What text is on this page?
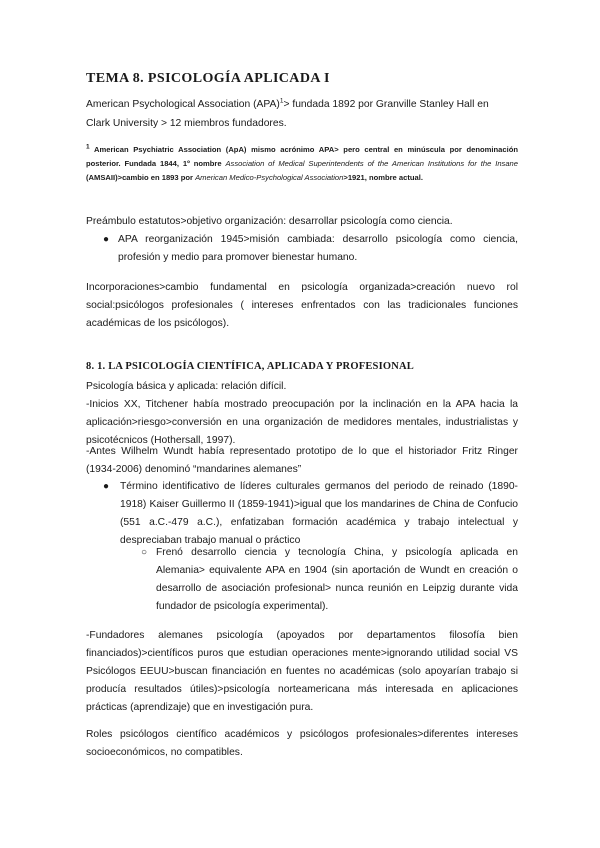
TEMA 8. PSICOLOGÍA APLICADA I
American Psychological Association (APA)$^1$> fundada 1892 por Granville Stanley Hall en
Clark University > 12 miembros fundadores.
$^1$ American Psychiatric Association (ApA) mismo acrónimo APA> pero central en minúscula por denominación posterior. Fundada 1844, 1º nombre Association of Medical Superintendents of the American Institutions for the Insane (AMSAII)>cambio en 1893 por American Medico-Psychological Association>1921, nombre actual.
Preámbulo estatutos>objetivo organización: desarrollar psicología como ciencia.
● APA reorganización 1945>misión cambiada: desarrollo psicología como ciencia, profesión y medio para promover bienestar humano.
Incorporaciones>cambio fundamental en psicología organizada>creación nuevo rol social:psicólogos profesionales ( intereses enfrentados con las tradicionales funciones académicas de los psicólogos).
8. 1. LA PSICOLOGÍA CIENTÍFICA, APLICADA Y PROFESIONAL
Psicología básica y aplicada: relación difícil.
-Inicios XX, Titchener había mostrado preocupación por la inclinación en la APA hacia la aplicación>riesgo>conversión en una organización de medidores mentales, industrialistas y psicotécnicos (Hothersall, 1997).
-Antes Wilhelm Wundt había representado prototipo de lo que el historiador Fritz Ringer (1934-2006) denominó “mandarines alemanes”
● Término identificativo de líderes culturales germanos del periodo de reinado (1890-1918) Kaiser Guillermo II (1859-1941)>igual que los mandarines de China de Confucio (551 a.C.-479 a.C.), enfatizaban formación académica y trabajo intelectual y despreciaban trabajo manual o práctico
○ Frenó desarrollo ciencia y tecnología China, y psicología aplicada en Alemania> equivalente APA en 1904 (sin aportación de Wundt en creación o desarrollo de asociación profesional> nunca reunión en Leipzig durante vida fundador de psicología experimental).
-Fundadores alemanes psicología (apoyados por departamentos filosofía bien financiados)>científicos puros que estudian operaciones mente>ignorando utilidad social VS Psicólogos EEUU>buscan financiación en fuentes no académicas (solo apoyarían trabajo si producía resultados útiles)>psicología norteamericana más interesada en aplicaciones prácticas (aprendizaje) que en investigación pura.
Roles psicólogos científico académicos y psicólogos profesionales>diferentes intereses socioeconómicos, no compatibles.
